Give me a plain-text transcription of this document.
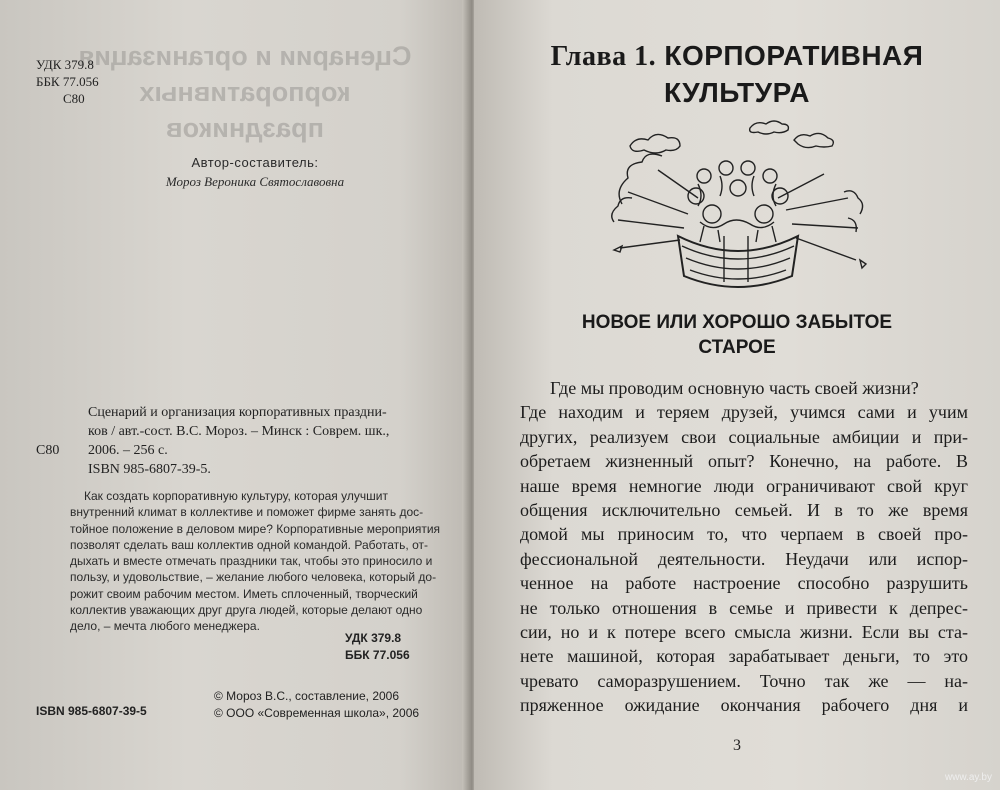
Сценарии и организация
корпоративных
праздников
УДК 379.8
ББК 77.056
С80
Автор-составитель:
Мороз Вероника Святославовна
С80
Сценарий и организация корпоративных праздни-
ков / авт.-сост. В.С. Мороз. – Минск : Соврем. шк.,
2006. – 256 с.
ISBN 985-6807-39-5.
Как создать корпоративную культуру, которая улучшит
внутренний климат в коллективе и поможет фирме занять дос-
тойное положение в деловом мире? Корпоративные мероприятия
позволят сделать ваш коллектив одной командой. Работать, от-
дыхать и вместе отмечать праздники так, чтобы это приносило и
пользу, и удовольствие, – желание любого человека, который до-
рожит своим рабочим местом. Иметь сплоченный, творческий
коллектив уважающих друг друга людей, которые делают одно
дело, – мечта любого менеджера.
УДК 379.8
ББК 77.056
ISBN 985-6807-39-5
© Мороз В.С., составление, 2006
© ООО «Современная школа», 2006
Глава 1. КОРПОРАТИВНАЯ
КУЛЬТУРА
НОВОЕ ИЛИ ХОРОШО ЗАБЫТОЕ
СТАРОЕ
Где мы проводим основную часть своей жизни?
Где находим и теряем друзей, учимся сами и учим
других, реализуем свои социальные амбиции и при-
обретаем жизненный опыт? Конечно, на работе. В
наше время немногие люди ограничивают свой круг
общения исключительно семьей. И в то же время
домой мы приносим то, что черпаем в своей про-
фессиональной деятельности. Неудачи или испор-
ченное на работе настроение способно разрушить
не только отношения в семье и привести к депрес-
сии, но и к потере всего смысла жизни. Если вы ста-
нете машиной, которая зарабатывает деньги, то это
чревато саморазрушением. Точно так же — на-
пряженное ожидание окончания рабочего дня и
3
www.ay.by
